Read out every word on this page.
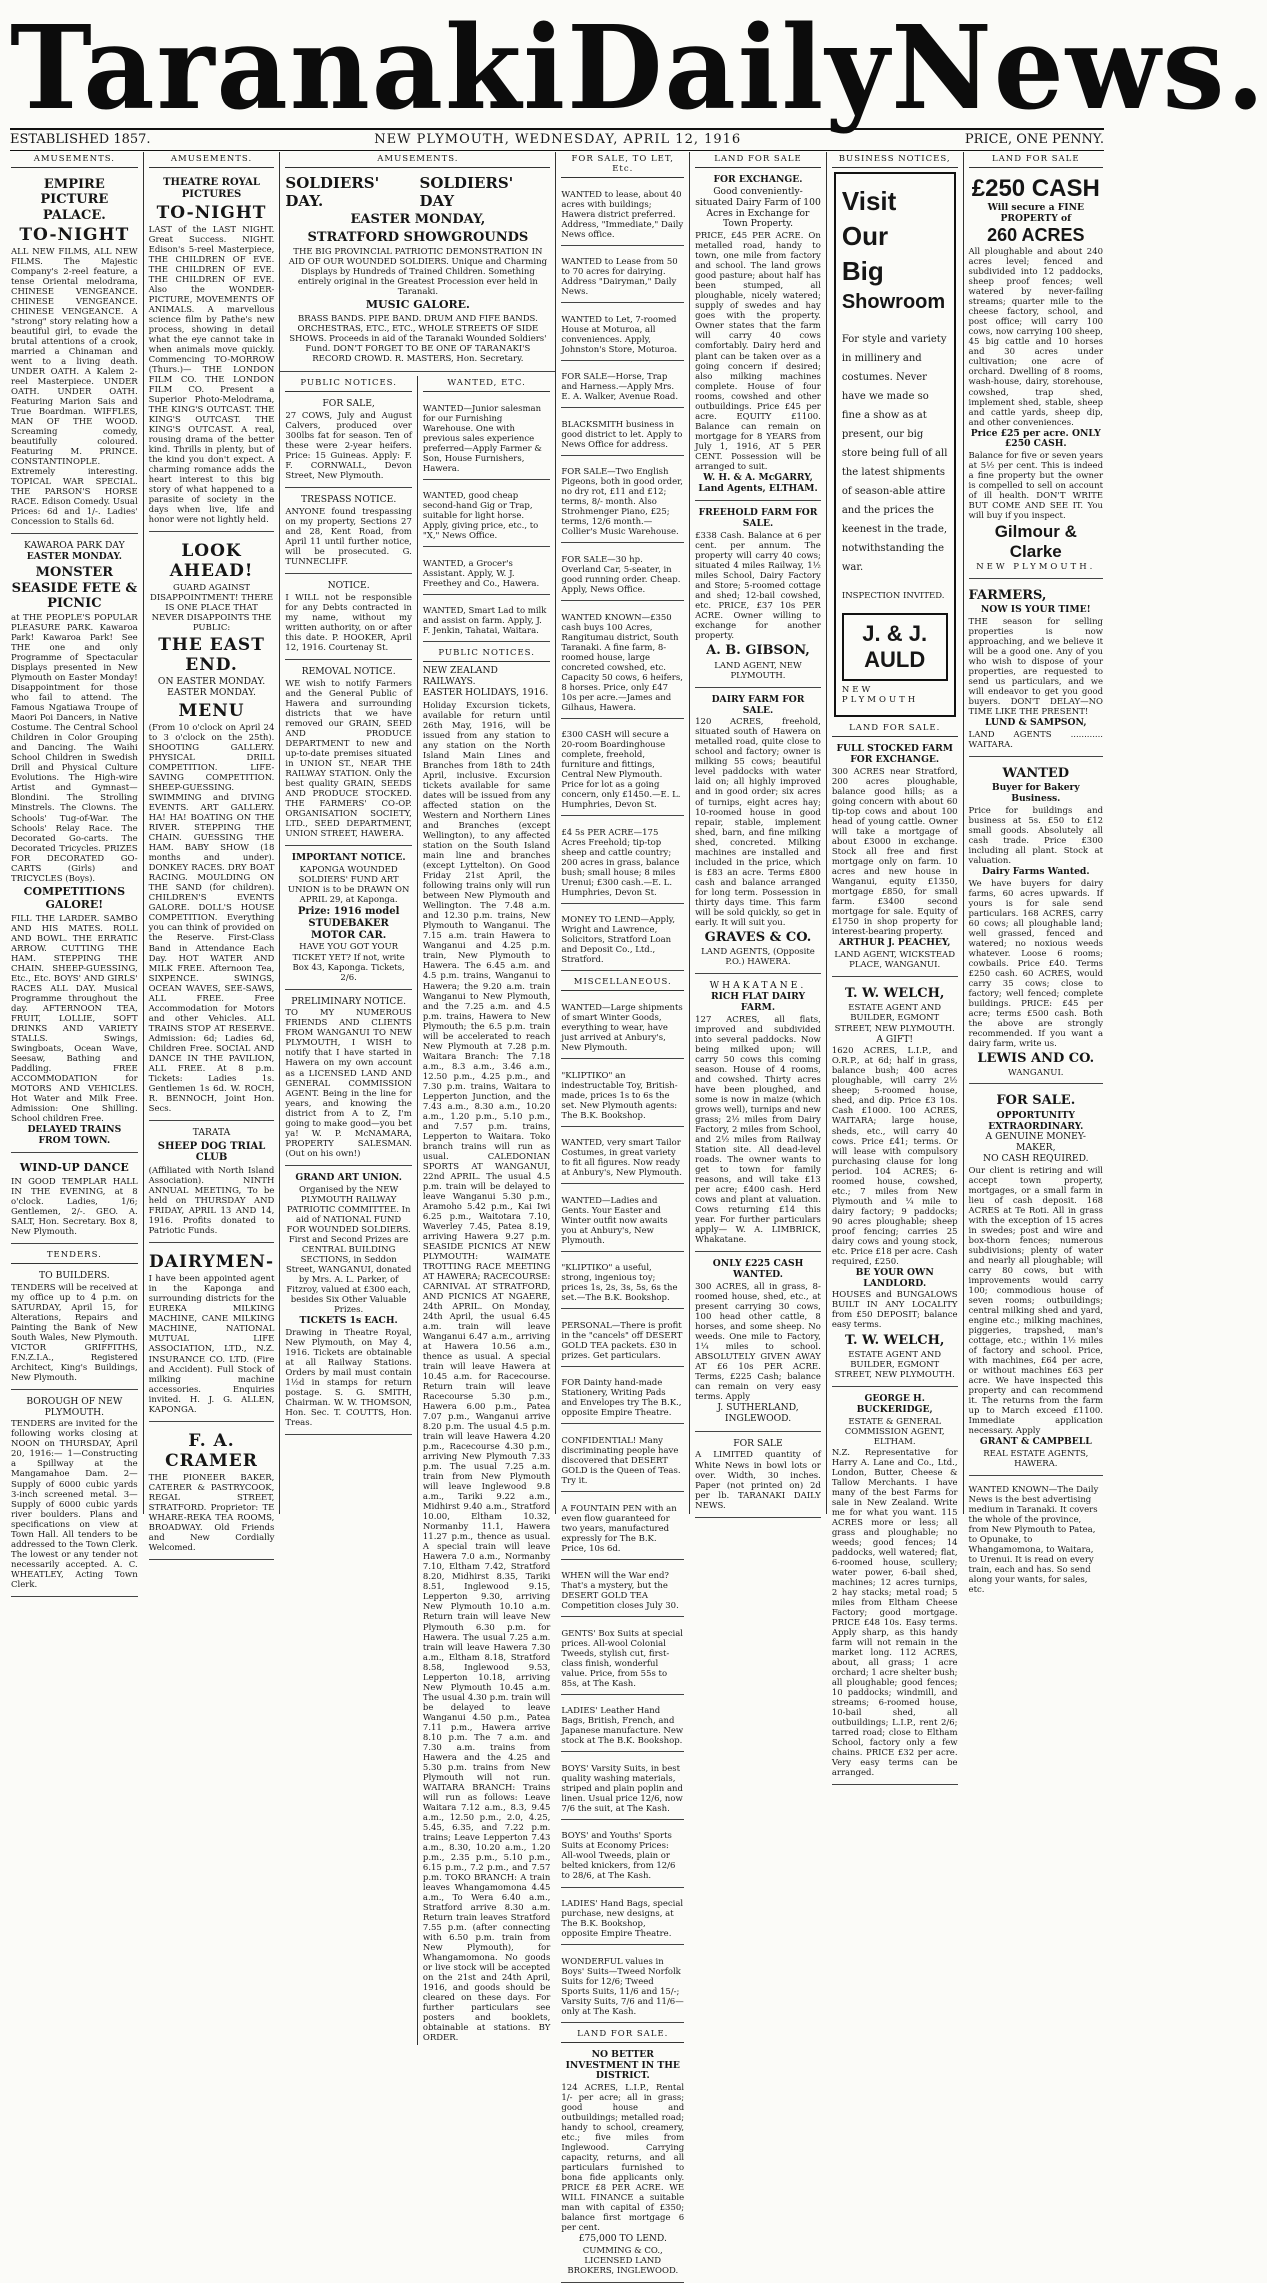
Taranaki Daily News.
ESTABLISHED 1857.	NEW PLYMOUTH, WEDNESDAY, APRIL 12, 1916	PRICE, ONE PENNY.
AMUSEMENTS.
EMPIRE PICTURE PALACE.
TO-NIGHT

ALL NEW FILMS, ALL NEW FILMS. The Majestic Company's 2-reel feature, a tense Oriental melodrama, CHINESE VENGEANCE. CHINESE VENGEANCE. CHINESE VENGEANCE. A "strong" story relating how a beautiful girl, to evade the brutal attentions of a crook, married a Chinaman and went to a living death. UNDER OATH. A Kalem 2-reel Masterpiece. UNDER OATH. UNDER OATH. Featuring Marion Sais and True Boardman. WIFFLES, MAN OF THE WOOD. Screaming comedy, beautifully coloured. Featuring M. PRINCE. CONSTANTINOPLE. Extremely interesting. TOPICAL WAR SPECIAL. THE PARSON'S HORSE RACE. Edison Comedy. Usual Prices: 6d and 1/-. Ladies' Concession to Stalls 6d.

KAWAROA PARK DAY
EASTER MONDAY.
MONSTER SEASIDE FETE & PICNIC

at THE PEOPLE'S POPULAR PLEASURE PARK. Kawaroa Park! Kawaroa Park! See THE one and only Programme of Spectacular Displays presented in New Plymouth on Easter Monday! Disappointment for those who fail to attend. The Famous Ngatiawa Troupe of Maori Poi Dancers, in Native Costume. The Central School Children in Color Grouping and Dancing. The Waihi School Children in Swedish Drill and Physical Culture Evolutions. The High-wire Artist and Gymnast—Blondini. The Strolling Minstrels. The Clowns. The Schools' Tug-of-War. The Schools' Relay Race. The Decorated Go-carts. The Decorated Tricycles. PRIZES FOR DECORATED GO-CARTS (Girls) and TRICYCLES (Boys).

COMPETITIONS GALORE!

FILL THE LARDER. SAMBO AND HIS MATES. ROLL AND BOWL. THE ERRATIC ARROW. CUTTING THE HAM. STEPPING THE CHAIN. SHEEP-GUESSING, Etc., Etc. BOYS' AND GIRLS' RACES ALL DAY. Musical Programme throughout the day. AFTERNOON TEA, FRUIT, LOLLIE, SOFT DRINKS AND VARIETY STALLS. Swings, Swingboats, Ocean Wave, Seesaw, Bathing and Paddling. FREE ACCOMMODATION for MOTORS AND VEHICLES. Hot Water and Milk Free. Admission: One Shilling. School children Free.

DELAYED TRAINS FROM TOWN.
WIND-UP DANCE

IN GOOD TEMPLAR HALL IN THE EVENING, at 8 o'clock. Ladies, 1/6; Gentlemen, 2/-. GEO. A. SALT, Hon. Secretary. Box 8, New Plymouth.

TENDERS.
TO BUILDERS.

TENDERS will be received at my office up to 4 p.m. on SATURDAY, April 15, for Alterations, Repairs and Painting the Bank of New South Wales, New Plymouth. VICTOR GRIFFITHS, F.N.Z.I.A., Registered Architect, King's Buildings, New Plymouth.

BOROUGH OF NEW PLYMOUTH.

TENDERS are invited for the following works closing at NOON on THURSDAY, April 20, 1916:— 1—Constructing a Spillway at the Mangamahoe Dam. 2—Supply of 6000 cubic yards 3-inch screened metal. 3—Supply of 6000 cubic yards river boulders. Plans and specifications on view at Town Hall. All tenders to be addressed to the Town Clerk. The lowest or any tender not necessarily accepted. A. C. WHEATLEY, Acting Town Clerk.

AMUSEMENTS.
THEATRE ROYAL PICTURES
TO-NIGHT

LAST of the LAST NIGHT. Great Success. NIGHT. Edison's 5-reel Masterpiece, THE CHILDREN OF EVE. THE CHILDREN OF EVE. THE CHILDREN OF EVE. Also the WONDER-PICTURE, MOVEMENTS OF ANIMALS. A marvellous science film by Pathe's new process, showing in detail what the eye cannot take in when animals move quickly. Commencing TO-MORROW (Thurs.)— THE LONDON FILM CO. THE LONDON FILM CO. Present a Superior Photo-Melodrama, THE KING'S OUTCAST. THE KING'S OUTCAST. THE KING'S OUTCAST. A real, rousing drama of the better kind. Thrills in plenty, but of the kind you don't expect. A charming romance adds the heart interest to this big story of what happened to a parasite of society in the days when live, life and honor were not lightly held.

LOOK AHEAD!

GUARD AGAINST DISAPPOINTMENT! THERE IS ONE PLACE THAT NEVER DISAPPOINTS THE PUBLIC:

THE EAST END.

ON EASTER MONDAY. EASTER MONDAY.

MENU

(From 10 o'clock on April 24 to 3 o'clock on the 25th). SHOOTING GALLERY. PHYSICAL DRILL COMPETITION. LIFE-SAVING COMPETITION. SHEEP-GUESSING. SWIMMING and DIVING EVENTS. ART GALLERY. HA! HA! BOATING ON THE RIVER. STEPPING THE CHAIN. GUESSING THE HAM. BABY SHOW (18 months and under). DONKEY RACES. DRY BOAT RACING. MOULDING ON THE SAND (for children). CHILDREN'S EVENTS GALORE. DOLL'S HOUSE COMPETITION. Everything you can think of provided on the Reserve. First-Class Band in Attendance Each Day. HOT WATER AND MILK FREE. Afternoon Tea, SIXPENCE. SWINGS, OCEAN WAVES, SEE-SAWS, ALL FREE. Free Accommodation for Motors and other Vehicles. ALL TRAINS STOP AT RESERVE. Admission: 6d; Ladies 6d, Children Free. SOCIAL AND DANCE IN THE PAVILION, ALL FREE. At 8 p.m. Tickets: Ladies 1s. Gentlemen 1s 6d. W. ROCH, R. BENNOCH, Joint Hon. Secs.

TARATA
SHEEP DOG TRIAL CLUB

(Affiliated with North Island Association). NINTH ANNUAL MEETING, To be held on THURSDAY AND FRIDAY, APRIL 13 AND 14, 1916. Profits donated to Patriotic Funds.

DAIRYMEN-

I have been appointed agent in the Kaponga and surrounding districts for the EUREKA MILKING MACHINE, CANE MILKING MACHINE, NATIONAL MUTUAL LIFE ASSOCIATION, LTD., N.Z. INSURANCE CO. LTD. (Fire and Accident). Full Stock of milking machine accessories. Enquiries invited. H. J. G. ALLEN, KAPONGA.

F. A. CRAMER

THE PIONEER BAKER, CATERER & PASTRYCOOK, REGAL STREET, STRATFORD. Proprietor: TE WHARE-REKA TEA ROOMS, BROADWAY. Old Friends and New Cordially Welcomed.

AMUSEMENTS.
SOLDIERS' DAY.
SOLDIERS' DAY
EASTER MONDAY,
STRATFORD SHOWGROUNDS

THE BIG PROVINCIAL PATRIOTIC DEMONSTRATION IN AID OF OUR WOUNDED SOLDIERS. Unique and Charming Displays by Hundreds of Trained Children. Something entirely original in the Greatest Procession ever held in Taranaki.

MUSIC GALORE.

BRASS BANDS. PIPE BAND. DRUM AND FIFE BANDS. ORCHESTRAS, ETC., ETC., WHOLE STREETS OF SIDE SHOWS. Proceeds in aid of the Taranaki Wounded Soldiers' Fund. DON'T FORGET TO BE ONE OF TARANAKI'S RECORD CROWD. R. MASTERS, Hon. Secretary.

PUBLIC NOTICES.
FOR SALE,

27 COWS, July and August Calvers, produced over 300lbs fat for season. Ten of these were 2-year heifers. Price: 15 Guineas. Apply: F. F. CORNWALL, Devon Street, New Plymouth.

TRESPASS NOTICE.

ANYONE found trespassing on my property, Sections 27 and 28, Kent Road, from April 11 until further notice, will be prosecuted. G. TUNNECLIFF.

NOTICE.

I WILL not be responsible for any Debts contracted in my name, without my written authority, on or after this date. P. HOOKER, April 12, 1916. Courtenay St.

REMOVAL NOTICE.

WE wish to notify Farmers and the General Public of Hawera and surrounding districts that we have removed our GRAIN, SEED AND PRODUCE DEPARTMENT to new and up-to-date premises situated in UNION ST., NEAR THE RAILWAY STATION. Only the best quality GRAIN, SEEDS AND PRODUCE STOCKED. THE FARMERS' CO-OP. ORGANISATION SOCIETY, LTD., SEED DEPARTMENT, UNION STREET, HAWERA.

IMPORTANT NOTICE.

KAPONGA WOUNDED SOLDIERS' FUND ART UNION is to be DRAWN ON APRIL 29, at Kaponga.

Prize: 1916 model STUDEBAKER MOTOR CAR.

HAVE YOU GOT YOUR TICKET YET? If not, write Box 43, Kaponga. Tickets, 2/6.

PRELIMINARY NOTICE.

TO MY NUMEROUS FRIENDS AND CLIENTS FROM WANGANUI TO NEW PLYMOUTH, I WISH to notify that I have started in Hawera on my own account as a LICENSED LAND AND GENERAL COMMISSION AGENT. Being in the line for years, and knowing the district from A to Z, I'm going to make good—you bet ya! W. P. McNAMARA, PROPERTY SALESMAN. (Out on his own!)

GRAND ART UNION.

Organised by the NEW PLYMOUTH RAILWAY PATRIOTIC COMMITTEE. In aid of NATIONAL FUND FOR WOUNDED SOLDIERS. First and Second Prizes are CENTRAL BUILDING SECTIONS, in Seddon Street, WANGANUI, donated by Mrs. A. L. Parker, of Fitzroy, valued at £300 each, besides Six Other Valuable Prizes.

TICKETS 1s EACH.

Drawing in Theatre Royal, New Plymouth, on May 4, 1916. Tickets are obtainable at all Railway Stations. Orders by mail must contain 1½d in stamps for return postage. S. G. SMITH, Chairman. W. W. THOMSON, Hon. Sec. T. COUTTS, Hon. Treas.

WANTED, ETC.

WANTED—Junior salesman for our Furnishing Warehouse. One with previous sales experience preferred—Apply Farmer & Son, House Furnishers, Hawera.

WANTED, good cheap second-hand Gig or Trap, suitable for light horse. Apply, giving price, etc., to "X," News Office.

WANTED, a Grocer's Assistant. Apply, W. J. Freethey and Co., Hawera.

WANTED, Smart Lad to milk and assist on farm. Apply, J. F. Jenkin, Tahatai, Waitara.

PUBLIC NOTICES.
NEW ZEALAND RAILWAYS.
EASTER HOLIDAYS, 1916.

Holiday Excursion tickets, available for return until 26th May, 1916, will be issued from any station to any station on the North Island Main Lines and Branches from 18th to 24th April, inclusive. Excursion tickets available for same dates will be issued from any affected station on the Western and Northern Lines and Branches (except Wellington), to any affected station on the South Island main line and branches (except Lyttelton). On Good Friday 21st April, the following trains only will run between New Plymouth and Wellington. The 7.48 a.m. and 12.30 p.m. trains, New Plymouth to Wanganui. The 7.15 a.m. train Hawera to Wanganui and 4.25 p.m. train, New Plymouth to Hawera. The 6.45 a.m. and 4.5 p.m. trains, Wanganui to Hawera; the 9.20 a.m. train Wanganui to New Plymouth, and the 7.25 a.m. and 4.5 p.m. trains, Hawera to New Plymouth; the 6.5 p.m. train will be accelerated to reach New Plymouth at 7.28 p.m. Waitara Branch: The 7.18 a.m., 8.3 a.m., 3.46 a.m., 12.50 p.m., 4.25 p.m., and 7.30 p.m. trains, Waitara to Lepperton Junction, and the 7.43 a.m., 8.30 a.m., 10.20 a.m., 1.20 p.m., 5.10 p.m., and 7.57 p.m. trains, Lepperton to Waitara. Toko branch trains will run as usual. CALEDONIAN SPORTS AT WANGANUI, 22nd APRIL. The usual 4.5 p.m. train will be delayed to leave Wanganui 5.30 p.m., Aramoho 5.42 p.m., Kai Iwi 6.25 p.m., Waitotara 7.10, Waverley 7.45, Patea 8.19, arriving Hawera 9.27 p.m. SEASIDE PICNICS AT NEW PLYMOUTH: WAIMATE TROTTING RACE MEETING AT HAWERA; RACECOURSE: CARNIVAL AT STRATFORD, AND PICNICS AT NGAERE, 24th APRIL. On Monday, 24th April, the usual 6.45 a.m. train will leave Wanganui 6.47 a.m., arriving at Hawera 10.56 a.m., thence as usual. A special train will leave Hawera at 10.45 a.m. for Racecourse. Return train will leave Racecourse 5.30 p.m., Hawera 6.00 p.m., Patea 7.07 p.m., Wanganui arrive 8.20 p.m. The usual 4.5 p.m. train will leave Hawera 4.20 p.m., Racecourse 4.30 p.m., arriving New Plymouth 7.33 p.m. The usual 7.25 a.m. train from New Plymouth will leave Inglewood 9.8 a.m., Tariki 9.22 a.m., Midhirst 9.40 a.m., Stratford 10.00, Eltham 10.32, Normanby 11.1, Hawera 11.27 p.m., thence as usual. A special train will leave Hawera 7.0 a.m., Normanby 7.10, Eltham 7.42, Stratford 8.20, Midhirst 8.35, Tariki 8.51, Inglewood 9.15, Lepperton 9.30, arriving New Plymouth 10.10 a.m. Return train will leave New Plymouth 6.30 p.m. for Hawera. The usual 7.25 a.m. train will leave Hawera 7.30 a.m., Eltham 8.18, Stratford 8.58, Inglewood 9.53, Lepperton 10.18, arriving New Plymouth 10.45 a.m. The usual 4.30 p.m. train will be delayed to leave Wanganui 4.50 p.m., Patea 7.11 p.m., Hawera arrive 8.10 p.m. The 7 a.m. and 7.30 a.m. trains from Hawera and the 4.25 and 5.30 p.m. trains from New Plymouth will not run. WAITARA BRANCH: Trains will run as follows: Leave Waitara 7.12 a.m., 8.3, 9.45 a.m., 12.50 p.m., 2.0, 4.25, 5.45, 6.35, and 7.22 p.m. trains; Leave Lepperton 7.43 a.m., 8.30, 10.20 a.m., 1.20 p.m., 2.35 p.m., 5.10 p.m., 6.15 p.m., 7.2 p.m., and 7.57 p.m. TOKO BRANCH: A train leaves Whangamomona 4.45 a.m., To Wera 6.40 a.m., Stratford arrive 8.30 a.m. Return train leaves Stratford 7.55 p.m. (after connecting with 6.50 p.m. train from New Plymouth), for Whangamomona. No goods or live stock will be accepted on the 21st and 24th April, 1916, and goods should be cleared on these days. For further particulars see posters and booklets, obtainable at stations. BY ORDER.

FOR SALE, TO LET, Etc.

WANTED to lease, about 40 acres with buildings; Hawera district preferred. Address, "Immediate," Daily News office.

WANTED to Lease from 50 to 70 acres for dairying. Address "Dairyman," Daily News.

WANTED to Let, 7-roomed House at Moturoa, all conveniences. Apply, Johnston's Store, Moturoa.

FOR SALE—Horse, Trap and Harness.—Apply Mrs. E. A. Walker, Avenue Road.

BLACKSMITH business in good district to let. Apply to News Office for address.

FOR SALE—Two English Pigeons, both in good order, no dry rot, £11 and £12; terms, 8/- month. Also Strohmenger Piano, £25; terms, 12/6 month.—Collier's Music Warehouse.

FOR SALE—30 hp. Overland Car, 5-seater, in good running order. Cheap. Apply, News Office.

WANTED KNOWN—£350 cash buys 100 Acres, Rangitumau district, South Taranaki. A fine farm, 8-roomed house, large concreted cowshed, etc. Capacity 50 cows, 6 heifers, 8 horses. Price, only £47 10s per acre.—James and Gilhaus, Hawera.

£300 CASH will secure a 20-room Boardinghouse complete, freehold, furniture and fittings, Central New Plymouth. Price for lot as a going concern, only £1450.—E. L. Humphries, Devon St.

£4 5s PER ACRE—175 Acres Freehold; tip-top sheep and cattle country; 200 acres in grass, balance bush; small house; 8 miles Urenui; £300 cash.—E. L. Humphries, Devon St.

MONEY TO LEND—Apply, Wright and Lawrence, Solicitors, Stratford Loan and Deposit Co., Ltd., Stratford.

MISCELLANEOUS.

WANTED—Large shipments of smart Winter Goods, everything to wear, have just arrived at Anbury's, New Plymouth.

"KLIPTIKO" an indestructable Toy, British-made, prices 1s to 6s the set. New Plymouth agents: The B.K. Bookshop.

WANTED, very smart Tailor Costumes, in great variety to fit all figures. Now ready at Anbury's, New Plymouth.

WANTED—Ladies and Gents. Your Easter and Winter outfit now awaits you at Anbury's, New Plymouth.

"KLIPTIKO" a useful, strong, ingenious toy; prices 1s, 2s, 3s, 5s, 6s the set.—The B.K. Bookshop.

PERSONAL—There is profit in the "cancels" off DESERT GOLD TEA packets. £30 in prizes. Get particulars.

FOR Dainty hand-made Stationery, Writing Pads and Envelopes try The B.K., opposite Empire Theatre.

CONFIDENTIAL! Many discriminating people have discovered that DESERT GOLD is the Queen of Teas. Try it.

A FOUNTAIN PEN with an even flow guaranteed for two years, manufactured expressly for The B.K. Price, 10s 6d.

WHEN will the War end? That's a mystery, but the DESERT GOLD TEA Competition closes July 30.

GENTS' Box Suits at special prices. All-wool Colonial Tweeds, stylish cut, first-class finish, wonderful value. Price, from 55s to 85s, at The Kash.

LADIES' Leather Hand Bags, British, French, and Japanese manufacture. New stock at The B.K. Bookshop.

BOYS' Varsity Suits, in best quality washing materials, striped and plain poplin and linen. Usual price 12/6, now 7/6 the suit, at The Kash.

BOYS' and Youths' Sports Suits at Economy Prices: All-wool Tweeds, plain or belted knickers, from 12/6 to 28/6, at The Kash.

LADIES' Hand Bags, special purchase, new designs, at The B.K. Bookshop, opposite Empire Theatre.

WONDERFUL values in Boys' Suits—Tweed Norfolk Suits for 12/6; Tweed Sports Suits, 11/6 and 15/-; Varsity Suits, 7/6 and 11/6—only at The Kash.

LAND FOR SALE.
NO BETTER INVESTMENT IN THE DISTRICT.

124 ACRES, L.I.P., Rental 1/- per acre; all in grass; good house and outbuildings; metalled road; handy to school, creamery, etc.; five miles from Inglewood. Carrying capacity, returns, and all particulars furnished to bona fide applicants only. PRICE £8 PER ACRE. WE WILL FINANCE a suitable man with capital of £350; balance first mortgage 6 per cent.

£75,000 TO LEND.

CUMMING & CO., LICENSED LAND BROKERS, INGLEWOOD.

LAND FOR SALE
FOR EXCHANGE.

Good conveniently-situated Dairy Farm of 100 Acres in Exchange for Town Property.

PRICE, £45 PER ACRE. On metalled road, handy to town, one mile from factory and school. The land grows good pasture; about half has been stumped, all ploughable, nicely watered; supply of swedes and hay goes with the property. Owner states that the farm will carry 40 cows comfortably. Dairy herd and plant can be taken over as a going concern if desired; also milking machines complete. House of four rooms, cowshed and other outbuildings. Price £45 per acre. EQUITY £1100. Balance can remain on mortgage for 8 YEARS from July 1, 1916, AT 5 PER CENT. Possession will be arranged to suit.

W. H. & A. McGARRY, Land Agents, ELTHAM.

FREEHOLD FARM FOR SALE.

£338 Cash. Balance at 6 per cent. per annum. The property will carry 40 cows; situated 4 miles Railway, 1½ miles School, Dairy Factory and Store; 5-roomed cottage and shed; 12-bail cowshed, etc. PRICE, £37 10s PER ACRE. Owner willing to exchange for another property.

A. B. GIBSON,

LAND AGENT, NEW PLYMOUTH.

DAIRY FARM FOR SALE.

120 ACRES, freehold, situated south of Hawera on metalled road, quite close to school and factory; owner is milking 55 cows; beautiful level paddocks with water laid on; all highly improved and in good order; six acres of turnips, eight acres hay; 10-roomed house in good repair, stable, implement shed, barn, and fine milking shed, concreted. Milking machines are installed and included in the price, which is £83 an acre. Terms £800 cash and balance arranged for long term. Possession in thirty days time. This farm will be sold quickly, so get in early. It will suit you.

GRAVES & CO.

LAND AGENTS, (Opposite P.O.) HAWERA.

WHAKATANE.
RICH FLAT DAIRY FARM.

127 ACRES, all flats, improved and subdivided into several paddocks. Now being milked upon; will carry 50 cows this coming season. House of 4 rooms, and cowshed. Thirty acres have been ploughed, and some is now in maize (which grows well), turnips and new grass; 2½ miles from Dairy Factory, 2 miles from School, and 2½ miles from Railway Station site. All dead-level roads. The owner wants to get to town for family reasons, and will take £13 per acre; £400 cash. Herd cows and plant at valuation. Cows returning £14 this year. For further particulars apply— W. A. LIMBRICK, Whakatane.

ONLY £225 CASH WANTED.

300 ACRES, all in grass, 8-roomed house, shed, etc., at present carrying 30 cows, 100 head other cattle, 8 horses, and some sheep. No weeds. One mile to Factory, 1¼ miles to school. ABSOLUTELY GIVEN AWAY AT £6 10s PER ACRE. Terms, £225 Cash; balance can remain on very easy terms. Apply

J. SUTHERLAND, INGLEWOOD.

FOR SALE

A LIMITED quantity of White News in bowl lots or over. Width, 30 inches. Paper (not printed on) 2d per lb. TARANAKI DAILY NEWS.

BUSINESS NOTICES,
Visit
Our
Big
Showroom

For style and variety in millinery and costumes. Never have we made so fine a show as at present, our big store being full of all the latest shipments of season-able attire and the prices the keenest in the trade, notwithstanding the war.

INSPECTION INVITED.
J. & J. AULD
NEW PLYMOUTH
LAND FOR SALE.
FULL STOCKED FARM FOR EXCHANGE.

300 ACRES near Stratford, 200 acres ploughable, balance good hills; as a going concern with about 60 tip-top cows and about 100 head of young cattle. Owner will take a mortgage of about £3000 in exchange. Stock all free and first mortgage only on farm. 10 acres and new house in Wanganui, equity £1350, mortgage £850, for small farm. £3400 second mortgage for sale. Equity of £1750 in shop property for interest-bearing property.

ARTHUR J. PEACHEY,

LAND AGENT, WICKSTEAD PLACE, WANGANUI.

T. W. WELCH,

ESTATE AGENT AND BUILDER, EGMONT STREET, NEW PLYMOUTH.

A GIFT!

1620 ACRES, L.I.P., and O.R.P., at 6d; half in grass, balance bush; 400 acres ploughable, will carry 2½ sheep; 5-roomed house, shed, and dip. Price £3 10s. Cash £1000. 100 ACRES, WAITARA; large house, sheds, etc., will carry 40 cows. Price £41; terms. Or will lease with compulsory purchasing clause for long period. 104 ACRES; 6-roomed house, cowshed, etc.; 7 miles from New Plymouth and ¼ mile to dairy factory; 9 paddocks; 90 acres ploughable; sheep proof fencing; carries 25 dairy cows and young stock, etc. Price £18 per acre. Cash required, £250.

BE YOUR OWN LANDLORD.

HOUSES and BUNGALOWS BUILT IN ANY LOCALITY from £50 DEPOSIT; balance easy terms.

T. W. WELCH,

ESTATE AGENT AND BUILDER, EGMONT STREET, NEW PLYMOUTH.

GEORGE H. BUCKERIDGE,

ESTATE & GENERAL COMMISSION AGENT, ELTHAM.

N.Z. Representative for Harry A. Lane and Co., Ltd., London, Butter, Cheese & Tallow Merchants. I have many of the best Farms for sale in New Zealand. Write me for what you want. 115 ACRES more or less; all grass and ploughable; no weeds; good fences; 14 paddocks, well watered; flat, 6-roomed house, scullery; water power, 6-bail shed, machines; 12 acres turnips, 2 hay stacks; metal road; 5 miles from Eltham Cheese Factory; good mortgage. PRICE £48 10s. Easy terms. Apply sharp, as this handy farm will not remain in the market long. 112 ACRES, about, all grass; 1 acre orchard; 1 acre shelter bush; all ploughable; good fences; 10 paddocks; windmill, and streams; 6-roomed house, 10-bail shed, all outbuildings; L.I.P., rent 2/6; tarred road; close to Eltham School, factory only a few chains. PRICE £32 per acre. Very easy terms can be arranged.

LAND FOR SALE
£250 CASH
Will secure a FINE PROPERTY of
260 ACRES

All ploughable and about 240 acres level; fenced and subdivided into 12 paddocks, sheep proof fences; well watered by never-failing streams; quarter mile to the cheese factory, school, and post office; will carry 100 cows, now carrying 100 sheep, 45 big cattle and 10 horses and 30 acres under cultivation; one acre of orchard. Dwelling of 8 rooms, wash-house, dairy, storehouse, cowshed, trap shed, implement shed, stable, sheep and cattle yards, sheep dip, and other conveniences.

Price £25 per acre. ONLY £250 CASH.

Balance for five or seven years at 5½ per cent. This is indeed a fine property but the owner is compelled to sell on account of ill health. DON'T WRITE BUT COME AND SEE IT. You will buy if you inspect.

Gilmour & Clarke
NEW PLYMOUTH.
FARMERS,
NOW IS YOUR TIME!

THE season for selling properties is now approaching, and we believe it will be a good one. Any of you who wish to dispose of your properties, are requested to send us particulars, and we will endeavor to get you good buyers. DON'T DELAY—NO TIME LIKE THE PRESENT!

LUND & SAMPSON,

LAND AGENTS ............ WAITARA.

WANTED
Buyer for Bakery Business.

Price for buildings and business at 5s. £50 to £12 small goods. Absolutely all cash trade. Price £300 including all plant. Stock at valuation.

Dairy Farms Wanted.

We have buyers for dairy farms, 60 acres upwards. If yours is for sale send particulars. 168 ACRES, carry 60 cows; all ploughable land; well grassed, fenced and watered; no noxious weeds whatever. Loose 6 rooms; cowbails. Price £40. Terms £250 cash. 60 ACRES, would carry 35 cows; close to factory; well fenced; complete buildings. PRICE: £45 per acre; terms £500 cash. Both the above are strongly recommended. If you want a dairy farm, write us.

LEWIS AND CO.
WANGANUI.
FOR SALE.
OPPORTUNITY EXTRAORDINARY.
A GENUINE MONEY-MAKER,
NO CASH REQUIRED.

Our client is retiring and will accept town property, mortgages, or a small farm in lieu of cash deposit. 168 ACRES at Te Roti. All in grass with the exception of 15 acres in swedes; post and wire and box-thorn fences; numerous subdivisions; plenty of water and nearly all ploughable; will carry 80 cows, but with improvements would carry 100; commodious house of seven rooms; outbuildings; central milking shed and yard, engine etc.; milking machines, piggeries, trapshed, man's cottage, etc.; within 1½ miles of factory and school. Price, with machines, £64 per acre, or without machines £63 per acre. We have inspected this property and can recommend it. The returns from the farm up to March exceed £1100. Immediate application necessary. Apply

GRANT & CAMPBELL

REAL ESTATE AGENTS, HAWERA.

WANTED KNOWN—The Daily News is the best advertising medium in Taranaki. It covers the whole of the province, from New Plymouth to Patea, to Opunake, to Whangamomona, to Waitara, to Urenui. It is read on every train, each and has. So send along your wants, for sales, etc.
